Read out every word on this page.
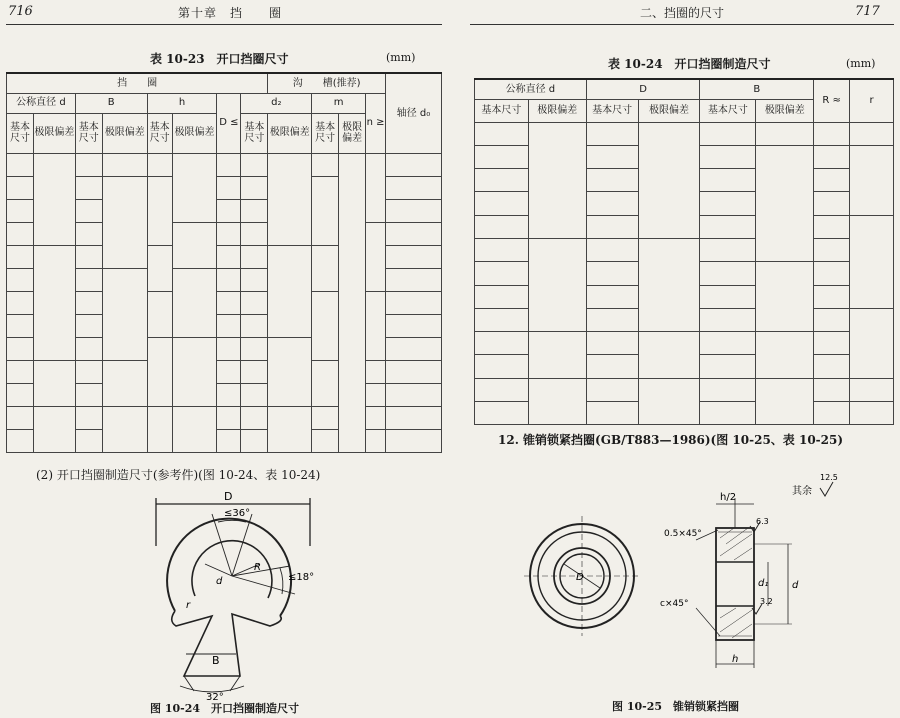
716	第十章　挡　　圈	二、挡圈的尺寸	717
表 10-23　开口挡圈尺寸	(mm)
挡　　圈								沟　　槽(推荐)				轴径 d₀
公称直径 d		B		h		D ≤	d₂		m		n ≥	
基本尺寸	极限偏差	基本尺寸	极限偏差	基本尺寸	极限偏差		基本尺寸	极限偏差	基本尺寸	极限偏差		

表 10-24　开口挡圈制造尺寸	(mm)
公称直径 d		D		B		R ≈	r
基本尺寸	极限偏差	基本尺寸	极限偏差	基本尺寸	极限偏差		

(2) 开口挡圈制造尺寸(参考件)(图 10-24、表 10-24)
12. 锥销锁紧挡圈(GB/T883—1986)(图 10-25、表 10-25)
D
≤36°
≤18°
B
32°
r
R
d
图 10-24　开口挡圈制造尺寸
其余
12.5
h/2
0.5×45°
6.3
c×45°	3.2
d₁ d
D
h
图 10-25　锥销锁紧挡圈
